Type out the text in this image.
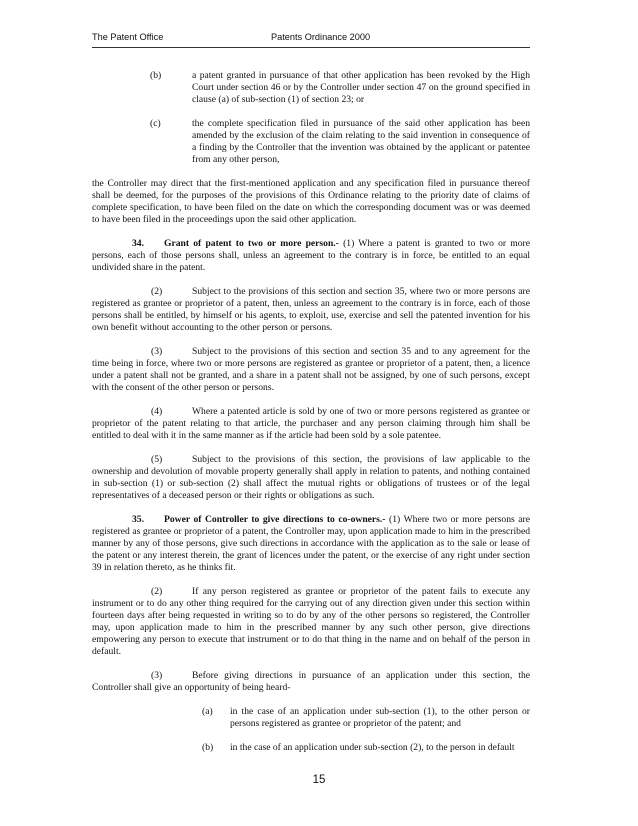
The Patent Office	Patents Ordinance 2000
(b)	a patent granted in pursuance of that other application has been revoked by the High Court under section 46 or by the Controller under section 47 on the ground specified in clause (a) of sub-section (1) of section 23; or

(c)	the complete specification filed in pursuance of the said other application has been amended by the exclusion of the claim relating to the said invention in consequence of a finding by the Controller that the invention was obtained by the applicant or patentee from any other person,

the Controller may direct that the first-mentioned application and any specification filed in pursuance thereof shall be deemed, for the purposes of the provisions of this Ordinance relating to the priority date of claims of complete specification, to have been filed on the date on which the corresponding document was or was deemed to have been filed in the proceedings upon the said other application.

34. Grant of patent to two or more person.- (1) Where a patent is granted to two or more persons, each of those persons shall, unless an agreement to the contrary is in force, be entitled to an equal undivided share in the patent.

(2)	Subject to the provisions of this section and section 35, where two or more persons are registered as grantee or proprietor of a patent, then, unless an agreement to the contrary is in force, each of those persons shall be entitled, by himself or his agents, to exploit, use, exercise and sell the patented invention for his own benefit without accounting to the other person or persons.

(3)	Subject to the provisions of this section and section 35 and to any agreement for the time being in force, where two or more persons are registered as grantee or proprietor of a patent, then, a licence under a patent shall not be granted, and a share in a patent shall not be assigned, by one of such persons, except with the consent of the other person or persons.

(4)	Where a patented article is sold by one of two or more persons registered as grantee or proprietor of the patent relating to that article, the purchaser and any person claiming through him shall be entitled to deal with it in the same manner as if the article had been sold by a sole patentee.

(5)	Subject to the provisions of this section, the provisions of law applicable to the ownership and devolution of movable property generally shall apply in relation to patents, and nothing contained in sub-section (1) or sub-section (2) shall affect the mutual rights or obligations of trustees or of the legal representatives of a deceased person or their rights or obligations as such.

35. Power of Controller to give directions to co-owners.- (1) Where two or more persons are registered as grantee or proprietor of a patent, the Controller may, upon application made to him in the prescribed manner by any of those persons, give such directions in accordance with the application as to the sale or lease of the patent or any interest therein, the grant of licences under the patent, or the exercise of any right under section 39 in relation thereto, as he thinks fit.

(2)	If any person registered as grantee or proprietor of the patent fails to execute any instrument or to do any other thing required for the carrying out of any direction given under this section within fourteen days after being requested in writing so to do by any of the other persons so registered, the Controller may, upon application made to him in the prescribed manner by any such other person, give directions empowering any person to execute that instrument or to do that thing in the name and on behalf of the person in default.

(3)	Before giving directions in pursuance of an application under this section, the Controller shall give an opportunity of being heard-

(a) in the case of an application under sub-section (1), to the other person or persons registered as grantee or proprietor of the patent; and

(b) in the case of an application under sub-section (2), to the person in default

15
